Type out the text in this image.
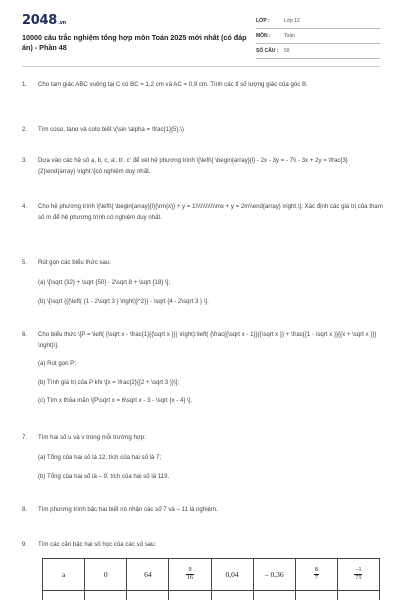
2048.vn
10000 câu trắc nghiệm tổng hợp môn Toán 2025 mới nhất (có đáp án) - Phần 48
LỚP :	Lớp 12
MÔN :	Toán
SỐ CÂU : 59
1. Cho tam giác ABC vuông tại C có BC = 1,2 cm và AC = 0,9 cm. Tính các tỉ số lượng giác của góc B.
2. Tìm cosα, tanα và cotα biết \(\sin \alpha = \frac{1}{5}.\)
3. Dựa vào các hệ số a, b, c, a', b', c' để xét hệ phương trình \[\left\{ \begin{array}{l} - 2x - 3y = - 7\\ - 3x + 2y = \frac{3}{2}\end{array} \right.\]có nghiệm duy nhất.
4. Cho hệ phương trình \[\left\{ \begin{array}{l}{\rm{x}} + y = 1\\\\\\\\\\\\mx + y = 2m\\end{array} \right.\]. Xác định các giá trị của tham số m để hệ phương trình có nghiệm duy nhất.
5. Rút gọn các biểu thức sau:
(a) \[\sqrt {32} + \sqrt {50} - 2\sqrt 8 + \sqrt {18} \];
(b) \[\sqrt {{{\left( {1 - 2\sqrt 3 } \right)}^2}} - \sqrt {4 - 2\sqrt 3 } \].
6. Cho biểu thức \[P = \left( {\sqrt x - \frac{1}{{\sqrt x }}} \right):\left( {\frac{{\sqrt x - 1}}{{\sqrt x }} + \frac{{1 - \sqrt x }}{{x + \sqrt x }}} \right)\].
(a) Rút gọn P;
(b) Tính giá trị của P khi \[x = \frac{2}{{2 + \sqrt 3 }}\];
(c) Tìm x thỏa mãn \[P\sqrt x = 6\sqrt x - 3 - \sqrt {x - 4} \].
7. Tìm hai số u và v trong mỗi trường hợp:
(a) Tổng của hai số là 12, tích của hai số là 7;
(b) Tổng của hai số là – 9, tích của hai số là 119.
8. Tìm phương trình bậc hai biết nó nhận các số 7 và – 11 là nghiệm.
9. Tìm các căn bậc hai số học của các số sau:
a	0	64	$\frac{9}{16}$	0,04	– 0,36	$\frac{8}{7}$	$\frac{-1}{75}$
